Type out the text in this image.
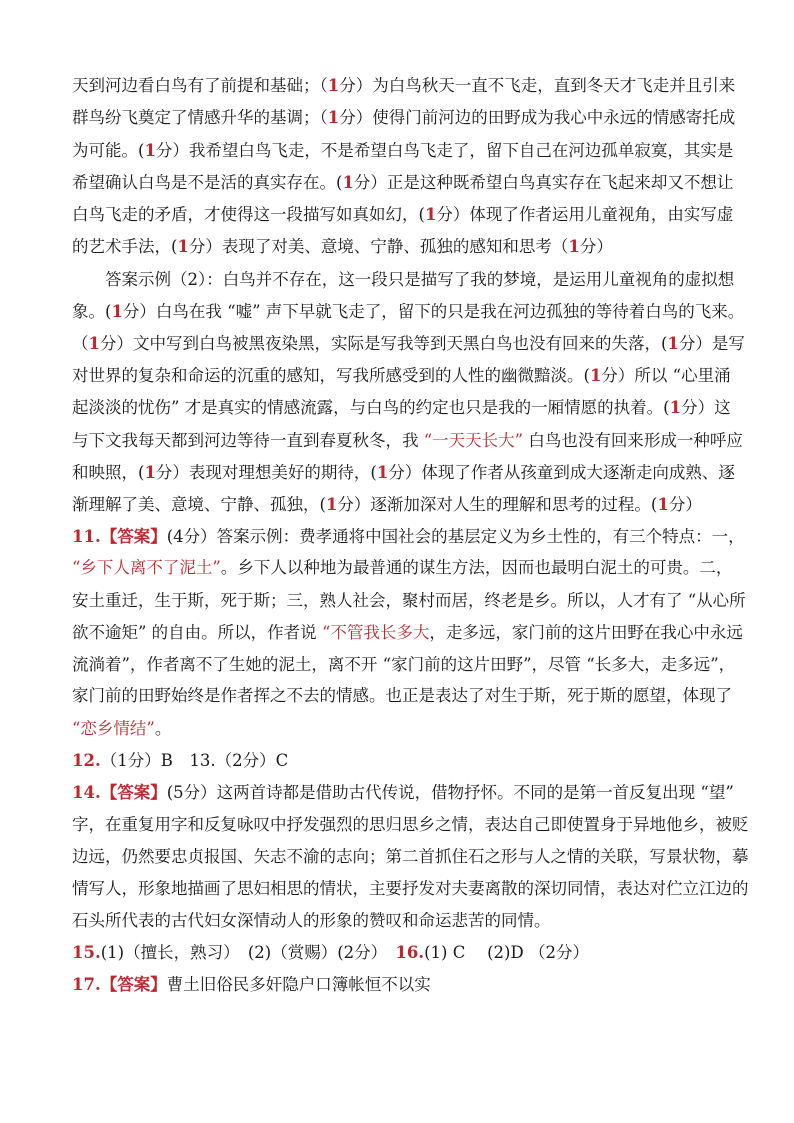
天到河边看白鸟有了前提和基础；（1分）为白鸟秋天一直不飞走，直到冬天才飞走并且引来
群鸟纷飞奠定了情感升华的基调；（1分）使得门前河边的田野成为我心中永远的情感寄托成
为可能。(1分）我希望白鸟飞走，不是希望白鸟飞走了，留下自己在河边孤单寂寞，其实是
希望确认白鸟是不是活的真实存在。(1分）正是这种既希望白鸟真实存在飞起来却又不想让
白鸟飞走的矛盾，才使得这一段描写如真如幻，(1分）体现了作者运用儿童视角，由实写虚
的艺术手法，(1分）表现了对美、意境、宁静、孤独的感知和思考（1分）
答案示例（2）：白鸟并不存在，这一段只是描写了我的梦境，是运用儿童视角的虚拟想
象。(1分）白鸟在我 “嘘” 声下早就飞走了，留下的只是我在河边孤独的等待着白鸟的飞来。
（1分）文中写到白鸟被黑夜染黑，实际是写我等到天黑白鸟也没有回来的失落，(1分）是写
对世界的复杂和命运的沉重的感知，写我所感受到的人性的幽微黯淡。(1分）所以 “心里涌
起淡淡的忧伤” 才是真实的情感流露，与白鸟的约定也只是我的一厢情愿的执着。(1分）这
与下文我每天都到河边等待一直到春夏秋冬，我 “一天天长大” 白鸟也没有回来形成一种呼应
和映照，(1分）表现对理想美好的期待，(1分）体现了作者从孩童到成大逐渐走向成熟、逐
渐理解了美、意境、宁静、孤独，(1分）逐渐加深对人生的理解和思考的过程。(1分）
11.【答案】(4分）答案示例：费孝通将中国社会的基层定义为乡土性的，有三个特点：一，
“乡下人离不了泥土”。乡下人以种地为最普通的谋生方法，因而也最明白泥土的可贵。二，
安土重迁，生于斯，死于斯；三，熟人社会，聚村而居，终老是乡。所以，人才有了 “从心所
欲不逾矩” 的自由。所以，作者说 “不管我长多大，走多远，家门前的这片田野在我心中永远
流淌着”，作者离不了生她的泥土，离不开 “家门前的这片田野”，尽管 “长多大，走多远”，
家门前的田野始终是作者挥之不去的情感。也正是表达了对生于斯，死于斯的愿望，体现了
“恋乡情结”。
12.（1分）B　13.（2分）C
14.【答案】(5分）这两首诗都是借助古代传说，借物抒怀。不同的是第一首反复出现 “望”
字，在重复用字和反复咏叹中抒发强烈的思归思乡之情，表达自己即使置身于异地他乡，被贬
边远，仍然要忠贞报国、矢志不渝的志向；第二首抓住石之形与人之情的关联，写景状物，摹
情写人，形象地描画了思妇相思的情状，主要抒发对夫妻离散的深切同情，表达对伫立江边的
石头所代表的古代妇女深情动人的形象的赞叹和命运悲苦的同情。
15.(1)（擅长，熟习）　(2)（赏赐）(2分）　16.(1) C　 (2)D （2分）
17.【答案】曹土旧俗民多奸隐户口簿帐恒不以实
